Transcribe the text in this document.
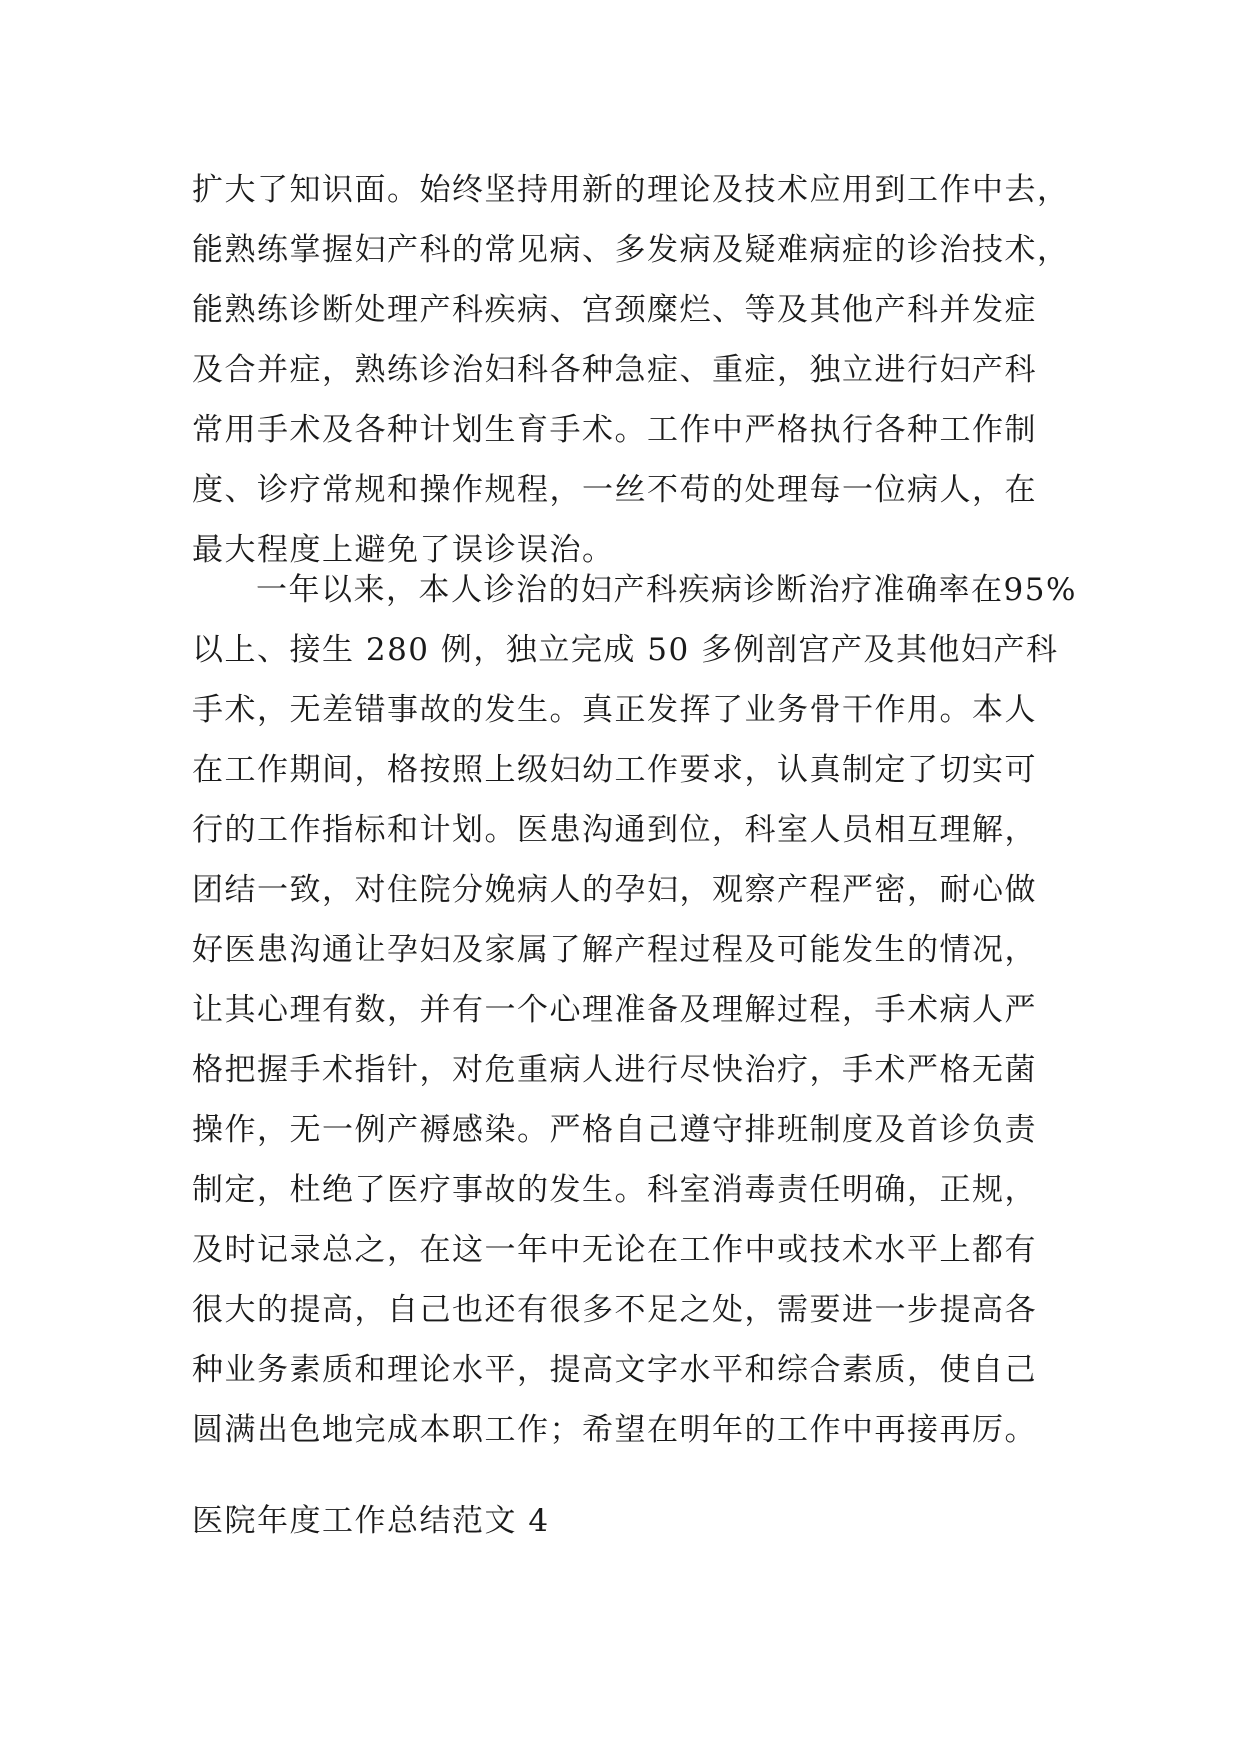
扩大了知识面。始终坚持用新的理论及技术应用到工作中去，
能熟练掌握妇产科的常见病、多发病及疑难病症的诊治技术，
能熟练诊断处理产科疾病、宫颈糜烂、等及其他产科并发症
及合并症，熟练诊治妇科各种急症、重症，独立进行妇产科
常用手术及各种计划生育手术。工作中严格执行各种工作制
度、诊疗常规和操作规程，一丝不苟的处理每一位病人，在
最大程度上避免了误诊误治。
一年以来，本人诊治的妇产科疾病诊断治疗准确率在95%
以上、接生 280 例，独立完成 50 多例剖宫产及其他妇产科
手术，无差错事故的发生。真正发挥了业务骨干作用。本人
在工作期间，格按照上级妇幼工作要求，认真制定了切实可
行的工作指标和计划。医患沟通到位，科室人员相互理解，
团结一致，对住院分娩病人的孕妇，观察产程严密，耐心做
好医患沟通让孕妇及家属了解产程过程及可能发生的情况，
让其心理有数，并有一个心理准备及理解过程，手术病人严
格把握手术指针，对危重病人进行尽快治疗，手术严格无菌
操作，无一例产褥感染。严格自己遵守排班制度及首诊负责
制定，杜绝了医疗事故的发生。科室消毒责任明确，正规，
及时记录总之，在这一年中无论在工作中或技术水平上都有
很大的提高，自己也还有很多不足之处，需要进一步提高各
种业务素质和理论水平，提高文字水平和综合素质，使自己
圆满出色地完成本职工作；希望在明年的工作中再接再厉。
医院年度工作总结范文 4
